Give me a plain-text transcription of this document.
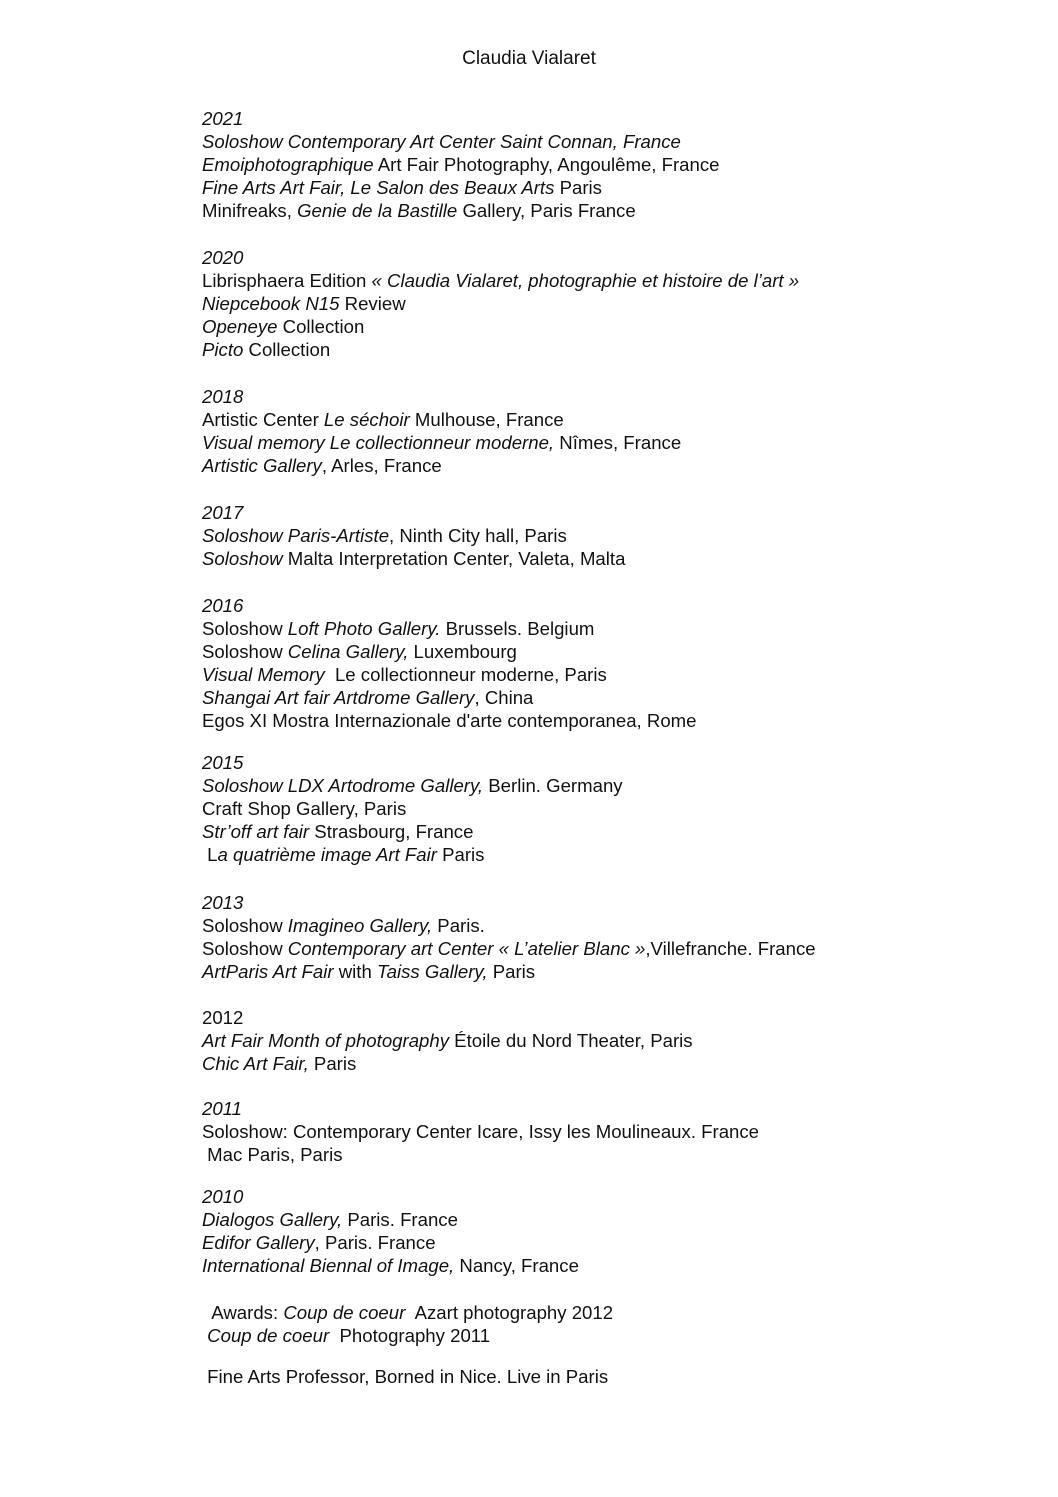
Claudia Vialaret
2021
Soloshow Contemporary Art Center Saint Connan, France
Emoiphotographique Art Fair Photography, Angoulême, France
Fine Arts Art Fair, Le Salon des Beaux Arts Paris
Minifreaks, Genie de la Bastille Gallery, Paris France
2020
Librisphaera Edition « Claudia Vialaret, photographie et histoire de l’art »
Niepcebook N15 Review
Openeye Collection
Picto Collection
2018
Artistic Center Le séchoir Mulhouse, France
Visual memory Le collectionneur moderne, Nîmes, France
Artistic Gallery, Arles, France
2017
Soloshow Paris-Artiste, Ninth City hall, Paris
Soloshow Malta Interpretation Center, Valeta, Malta
2016
Soloshow Loft Photo Gallery. Brussels. Belgium
Soloshow Celina Gallery, Luxembourg
Visual Memory  Le collectionneur moderne, Paris
Shangai Art fair Artdrome Gallery, China
Egos XI Mostra Internazionale d'arte contemporanea, Rome
2015
Soloshow LDX Artodrome Gallery, Berlin. Germany
Craft Shop Gallery, Paris
Str’off art fair Strasbourg, France
La quatrième image Art Fair Paris
2013
Soloshow Imagineo Gallery, Paris.
Soloshow Contemporary art Center « L’atelier Blanc »,Villefranche. France
ArtParis Art Fair with Taiss Gallery, Paris
2012
Art Fair Month of photography Étoile du Nord Theater, Paris
Chic Art Fair, Paris
2011
Soloshow: Contemporary Center Icare, Issy les Moulineaux. France
Mac Paris, Paris
2010
Dialogos Gallery, Paris. France
Edifor Gallery, Paris. France
International Biennal of Image, Nancy, France
Awards: Coup de coeur  Azart photography 2012
Coup de coeur  Photography 2011
Fine Arts Professor, Borned in Nice. Live in Paris
